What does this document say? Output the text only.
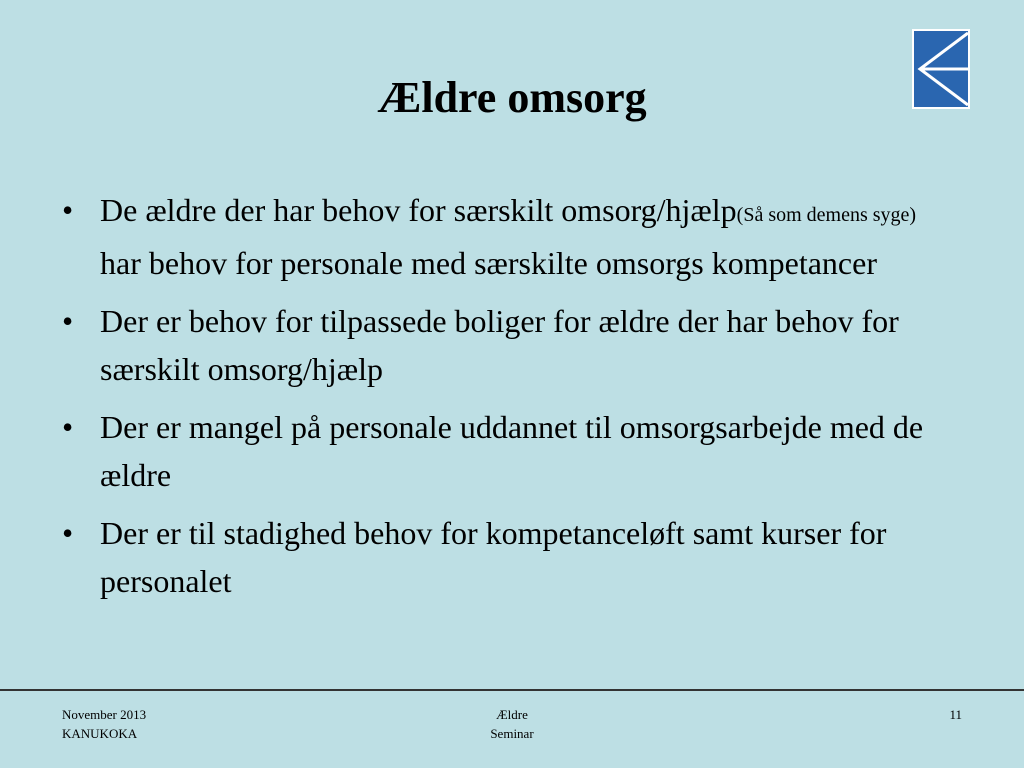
Ældre omsorg
• De ældre der har behov for særskilt omsorg/hjælp(Så som demens syge) har behov for personale med særskilte omsorgs kompetancer
• Der er behov for tilpassede boliger for ældre der har behov for særskilt omsorg/hjælp
• Der er mangel på personale uddannet til omsorgsarbejde med de ældre
• Der er til stadighed behov for kompetanceløft samt kurser for personalet
November 2013
KANUKOKA
Ældre
Seminar
11
